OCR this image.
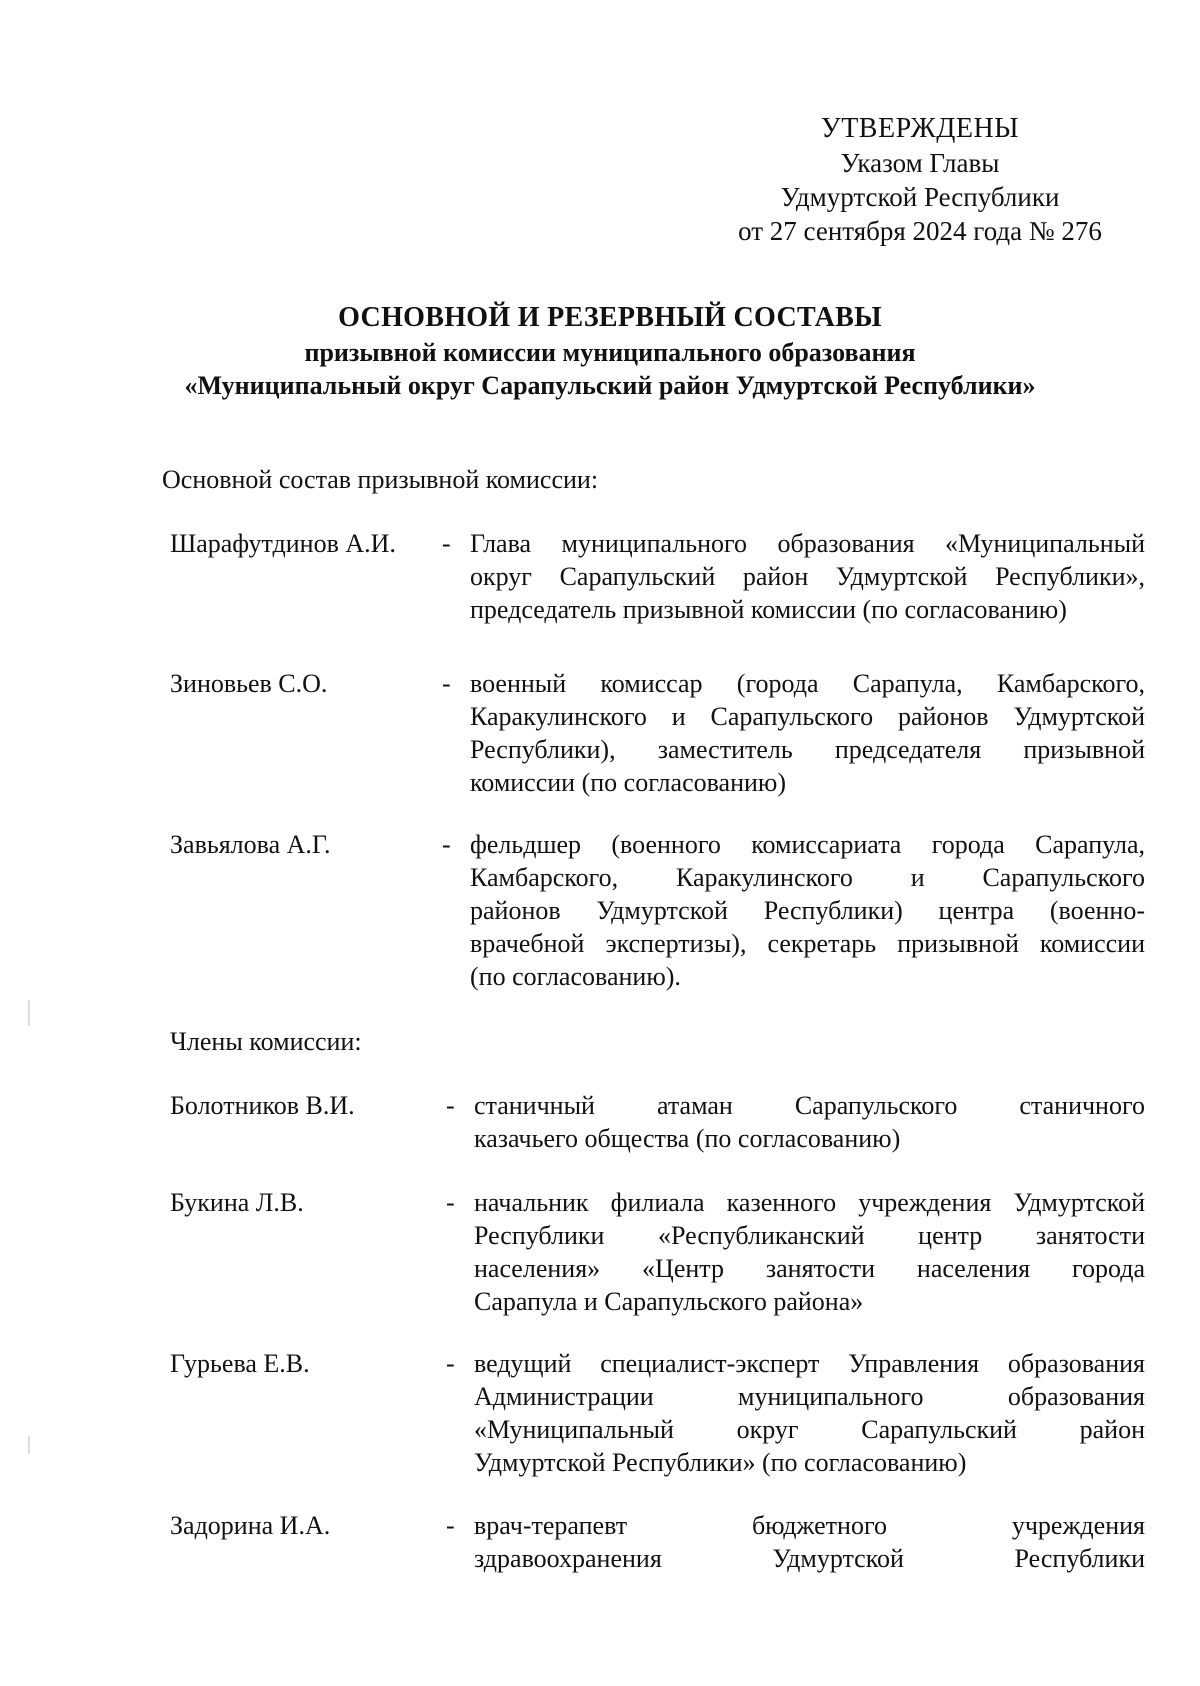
УТВЕРЖДЕНЫ
Указом Главы
Удмуртской Республики
от 27 сентября 2024 года № 276
ОСНОВНОЙ И РЕЗЕРВНЫЙ СОСТАВЫ
призывной комиссии муниципального образования
«Муниципальный округ Сарапульский район Удмуртской Республики»
Основной состав призывной комиссии:
Шарафутдинов А.И. - Глава муниципального образования «Муниципальный
округ Сарапульский район Удмуртской Республики»,
председатель призывной комиссии (по согласованию)
Зиновьев С.О.	- военный комиссар (города Сарапула, Камбарского,
Каракулинского и Сарапульского районов Удмуртской
Республики), заместитель председателя призывной
комиссии (по согласованию)
Завьялова А.Г.	- фельдшер (военного комиссариата города Сарапула,
Камбарского, Каракулинского и Сарапульского
районов Удмуртской Республики) центра (военно-
врачебной экспертизы), секретарь призывной комиссии
(по согласованию).
Члены комиссии:
Болотников В.И.	- станичный атаман Сарапульского станичного
казачьего общества (по согласованию)
Букина Л.В.	- начальник филиала казенного учреждения Удмуртской
Республики «Республиканский центр занятости
населения» «Центр занятости населения города
Сарапула и Сарапульского района»
Гурьева Е.В.	- ведущий специалист-эксперт Управления образования
Администрации муниципального образования
«Муниципальный округ Сарапульский район
Удмуртской Республики» (по согласованию)
Задорина И.А.	- врач-терапевт бюджетного учреждения
здравоохранения Удмуртской Республики
